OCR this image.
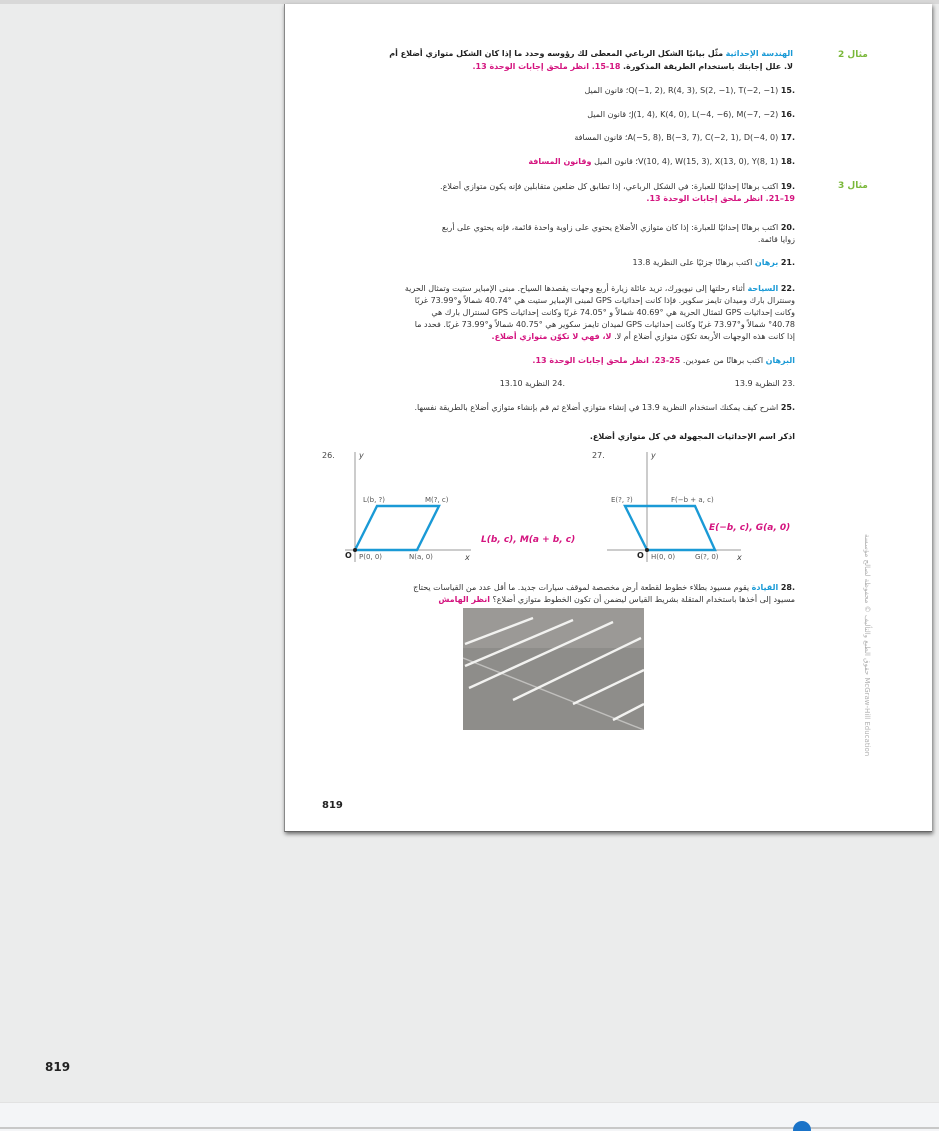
مثال 2
الهندسة الإحداثية مثّل بيانيًا الشكل الرباعي المعطى لك رؤوسه وحدد ما إذا كان الشكل متوازي أضلاع أم
لا. علل إجابتك باستخدام الطريقة المذكورة. 18-15. انظر ملحق إجابات الوحدة 13.
.15 Q(−1, 2), R(4, 3), S(2, −1), T(−2, −1)؛ قانون الميل
.16 J(1, 4), K(4, 0), L(−4, −6), M(−7, −2)؛ قانون الميل
.17 A(−5, 8), B(−3, 7), C(−2, 1), D(−4, 0)؛ قانون المسافة
.18 V(10, 4), W(15, 3), X(13, 0), Y(8, 1)؛ قانون الميل وقانون المسافة
مثال 3
.19 اكتب برهانًا إحداثيًا للعبارة: في الشكل الرباعي، إذا تطابق كل ضلعين متقابلين فإنه يكون متوازي أضلاع.
19–21. انظر ملحق إجابات الوحدة 13.
.20 اكتب برهانًا إحداثيًا للعبارة: إذا كان متوازي الأضلاع يحتوي على زاوية واحدة قائمة، فإنه يحتوي على أربع
زوايا قائمة.
.21 برهان اكتب برهانًا جزئيًا على النظرية 13.8
.22 السياحة أثناء رحلتها إلى نيويورك، تريد عائلة زيارة أربع وجهات يقصدها السياح. مبنى الإمباير ستيت وتمثال الحرية
وسنترال بارك وميدان تايمز سكوير. فإذا كانت إحداثيات GPS لمبنى الإمباير ستيت هي °40.74 شمالاً و°73.99 غربًا
وكانت إحداثيات GPS لتمثال الحرية هي °40.69 شمالاً و °74.05 غربًا وكانت إحداثيات GPS لسنترال بارك هي
°40.78 شمالاً و°73.97 غربًا وكانت إحداثيات GPS لميدان تايمز سكوير هي °40.75 شمالاً و°73.99 غربًا. فحدد ما
إذا كانت هذه الوجهات الأربعة تكوّن متوازي أضلاع أم لا. لا، فهي لا تكوّن متوازي أضلاع.
البرهان اكتب برهانًا من عمودين. 25-23. انظر ملحق إجابات الوحدة 13.
.23 النظرية 13.9
.24 النظرية 13.10
.25 اشرح كيف يمكنك استخدام النظرية 13.9 في إنشاء متوازي أضلاع ثم قم بإنشاء متوازي أضلاع بالطريقة نفسها.
اذكر اسم الإحداثيات المجهولة في كل متوازي أضلاع.
26.	y
x
O
L(b, ?)	M(?, c)
P(0, 0)	N(a, 0)
L(b, c), M(a + b, c)
27.	y
x
O
E(?, ?)	F(−b + a, c)
H(0, 0)	G(?, 0)
E(−b, c), G(a, 0)
.28 القيادة يقوم مسيود بطلاء خطوط لقطعة أرض مخصصة لموقف سيارات جديد. ما أقل عدد من القياسات يحتاج
مسيود إلى أخذها باستخدام المتقلة بشريط القياس ليضمن أن تكون الخطوط متوازي أضلاع؟ انظر الهامش	حقوق الطبع والتأليف © محفوظة لصالح مؤسسة McGraw-Hill Education
819
819
